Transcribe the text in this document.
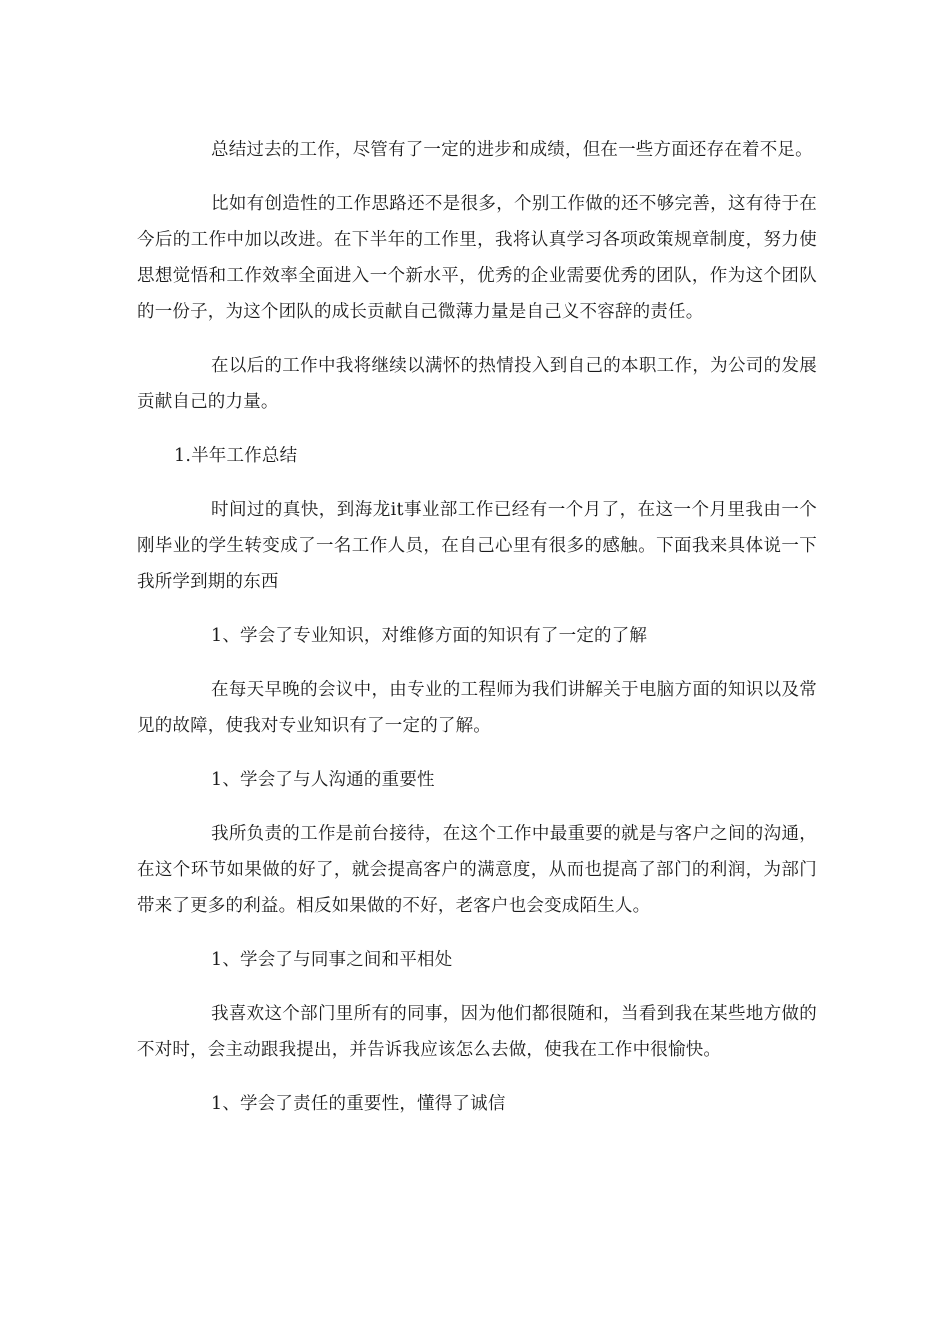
总结过去的工作，尽管有了一定的进步和成绩，但在一些方面还存在着不足。

比如有创造性的工作思路还不是很多，个别工作做的还不够完善，这有待于在今后的工作中加以改进。在下半年的工作里，我将认真学习各项政策规章制度，努力使思想觉悟和工作效率全面进入一个新水平，优秀的企业需要优秀的团队，作为这个团队的一份子，为这个团队的成长贡献自己微薄力量是自己义不容辞的责任。

在以后的工作中我将继续以满怀的热情投入到自己的本职工作，为公司的发展贡献自己的力量。

1.半年工作总结

时间过的真快，到海龙it事业部工作已经有一个月了，在这一个月里我由一个刚毕业的学生转变成了一名工作人员，在自己心里有很多的感触。下面我来具体说一下我所学到期的东西

1、学会了专业知识，对维修方面的知识有了一定的了解

在每天早晚的会议中，由专业的工程师为我们讲解关于电脑方面的知识以及常见的故障，使我对专业知识有了一定的了解。

1、学会了与人沟通的重要性

我所负责的工作是前台接待，在这个工作中最重要的就是与客户之间的沟通，在这个环节如果做的好了，就会提高客户的满意度，从而也提高了部门的利润，为部门带来了更多的利益。相反如果做的不好，老客户也会变成陌生人。

1、学会了与同事之间和平相处

我喜欢这个部门里所有的同事，因为他们都很随和，当看到我在某些地方做的不对时，会主动跟我提出，并告诉我应该怎么去做，使我在工作中很愉快。

1、学会了责任的重要性，懂得了诚信
